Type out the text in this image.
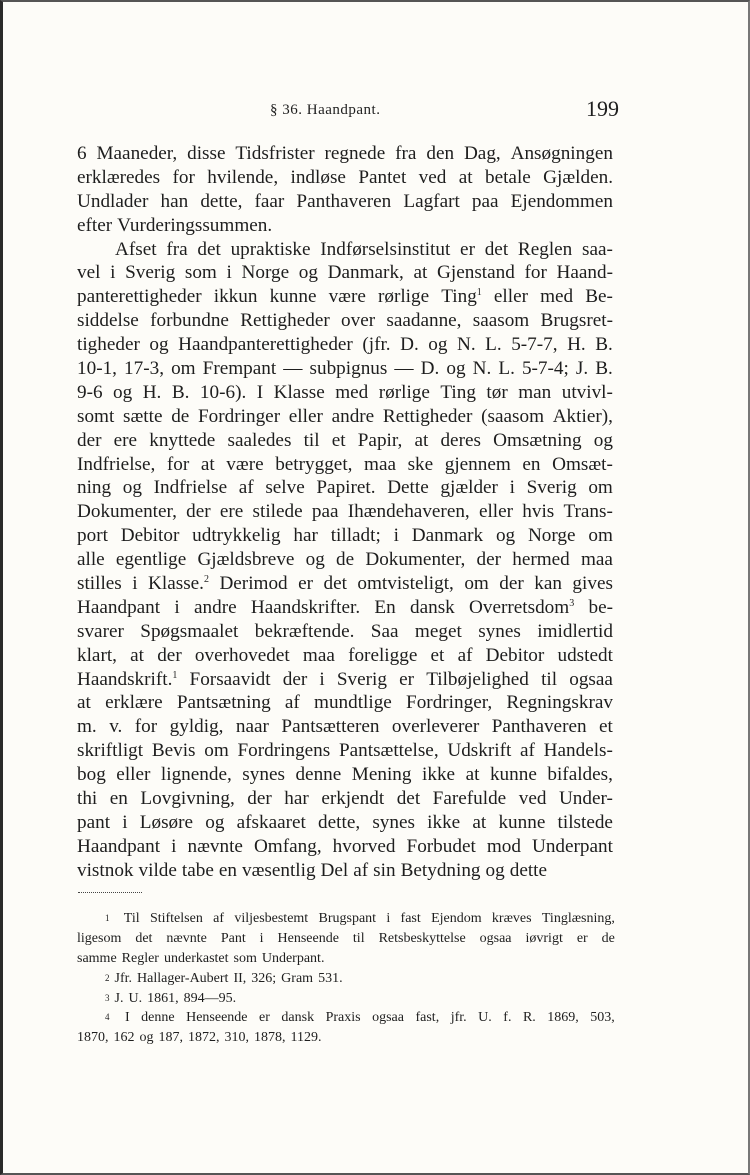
§ 36. Haandpant.	199
6 Maaneder, disse Tidsfrister regnede fra den Dag, Ansøgningen
erklæredes for hvilende, indløse Pantet ved at betale Gjælden.
Undlader han dette, faar Panthaveren Lagfart paa Ejendommen
efter Vurderingssummen.
Afset fra det upraktiske Indførselsinstitut er det Reglen saa-
vel i Sverig som i Norge og Danmark, at Gjenstand for Haand-
panterettigheder ikkun kunne være rørlige Ting$^1$ eller med Be-
siddelse forbundne Rettigheder over saadanne, saasom Brugsret-
tigheder og Haandpanterettigheder (jfr. D. og N. L. 5-7-7, H. B.
10-1, 17-3, om Frempant — subpignus — D. og N. L. 5-7-4; J. B.
9-6 og H. B. 10-6). I Klasse med rørlige Ting tør man utvivl-
somt sætte de Fordringer eller andre Rettigheder (saasom Aktier),
der ere knyttede saaledes til et Papir, at deres Omsætning og
Indfrielse, for at være betrygget, maa ske gjennem en Omsæt-
ning og Indfrielse af selve Papiret. Dette gjælder i Sverig om
Dokumenter, der ere stilede paa Ihændehaveren, eller hvis Trans-
port Debitor udtrykkelig har tilladt; i Danmark og Norge om
alle egentlige Gjældsbreve og de Dokumenter, der hermed maa
stilles i Klasse.$^2$ Derimod er det omtvisteligt, om der kan gives
Haandpant i andre Haandskrifter. En dansk Overretsdom$^3$ be-
svarer Spøgsmaalet bekræftende. Saa meget synes imidlertid
klart, at der overhovedet maa foreligge et af Debitor udstedt
Haandskrift.$^1$ Forsaavidt der i Sverig er Tilbøjelighed til ogsaa
at erklære Pantsætning af mundtlige Fordringer, Regningskrav
m. v. for gyldig, naar Pantsætteren overleverer Panthaveren et
skriftligt Bevis om Fordringens Pantsættelse, Udskrift af Handels-
bog eller lignende, synes denne Mening ikke at kunne bifaldes,
thi en Lovgivning, der har erkjendt det Farefulde ved Under-
pant i Løsøre og afskaaret dette, synes ikke at kunne tilstede
Haandpant i nævnte Omfang, hvorved Forbudet mod Underpant
vistnok vilde tabe en væsentlig Del af sin Betydning og dette
1 Til Stiftelsen af viljesbestemt Brugspant i fast Ejendom kræves Tinglæsning,
ligesom det nævnte Pant i Henseende til Retsbeskyttelse ogsaa iøvrigt er de
samme Regler underkastet som Underpant.
2 Jfr. Hallager-Aubert II, 326; Gram 531.
3 J. U. 1861, 894—95.
4 I denne Henseende er dansk Praxis ogsaa fast, jfr. U. f. R. 1869, 503,
1870, 162 og 187, 1872, 310, 1878, 1129.
